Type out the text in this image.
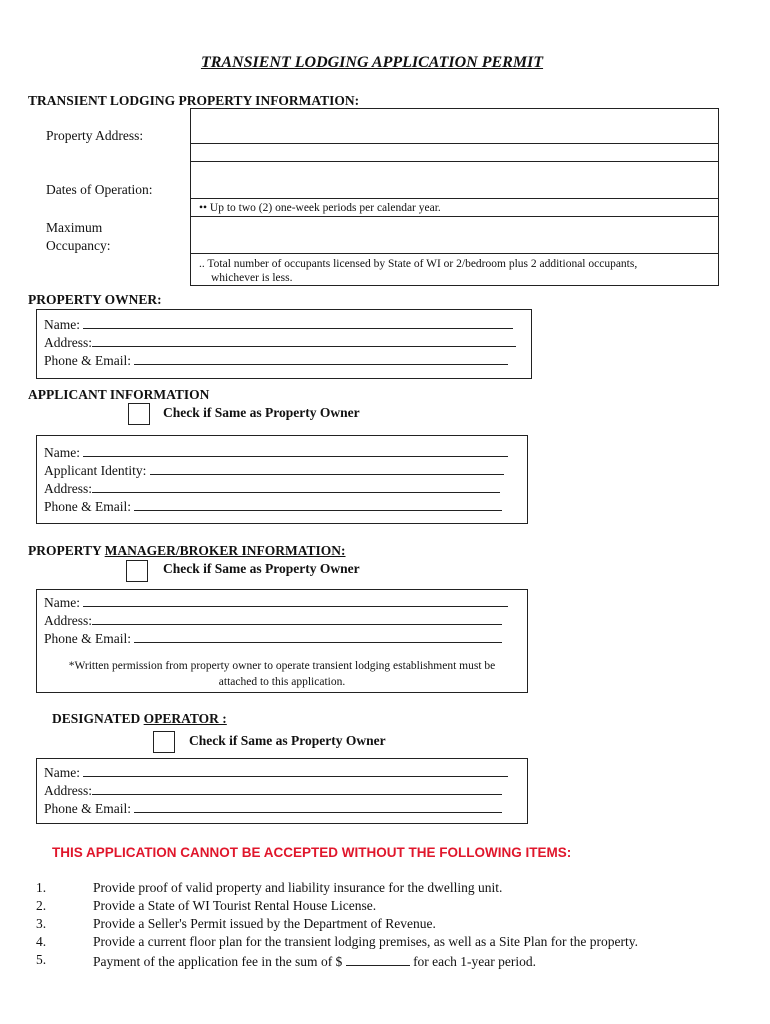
TRANSIENT LODGING APPLICATION PERMIT
TRANSIENT LODGING PROPERTY INFORMATION:
Property Address:
Dates of Operation:
Maximum
Occupancy:
•• Up to two (2) one-week periods per calendar year.
.. Total number of occupants licensed by State of WI or 2/bedroom plus 2 additional occupants,
whichever is less.
PROPERTY OWNER:
Name:
Address:
Phone & Email:
APPLICANT INFORMATION
Check if Same as Property Owner
Name:
Applicant Identity:
Address:
Phone & Email:
PROPERTY MANAGER/BROKER INFORMATION:
Check if Same as Property Owner
Name:
Address:
Phone & Email:
*Written permission from property owner to operate transient lodging establishment must be
attached to this application.
DESIGNATED OPERATOR :
Check if Same as Property Owner
Name:
Address:
Phone & Email:
THIS APPLICATION CANNOT BE ACCEPTED WITHOUT THE FOLLOWING ITEMS:
1.	Provide proof of valid property and liability insurance for the dwelling unit.
2.	Provide a State of WI Tourist Rental House License.
3.	Provide a Seller's Permit issued by the Department of Revenue.
4.	Provide a current floor plan for the transient lodging premises, as well as a Site Plan for the property.
5.	Payment of the application fee in the sum of $	for each 1-year period.
